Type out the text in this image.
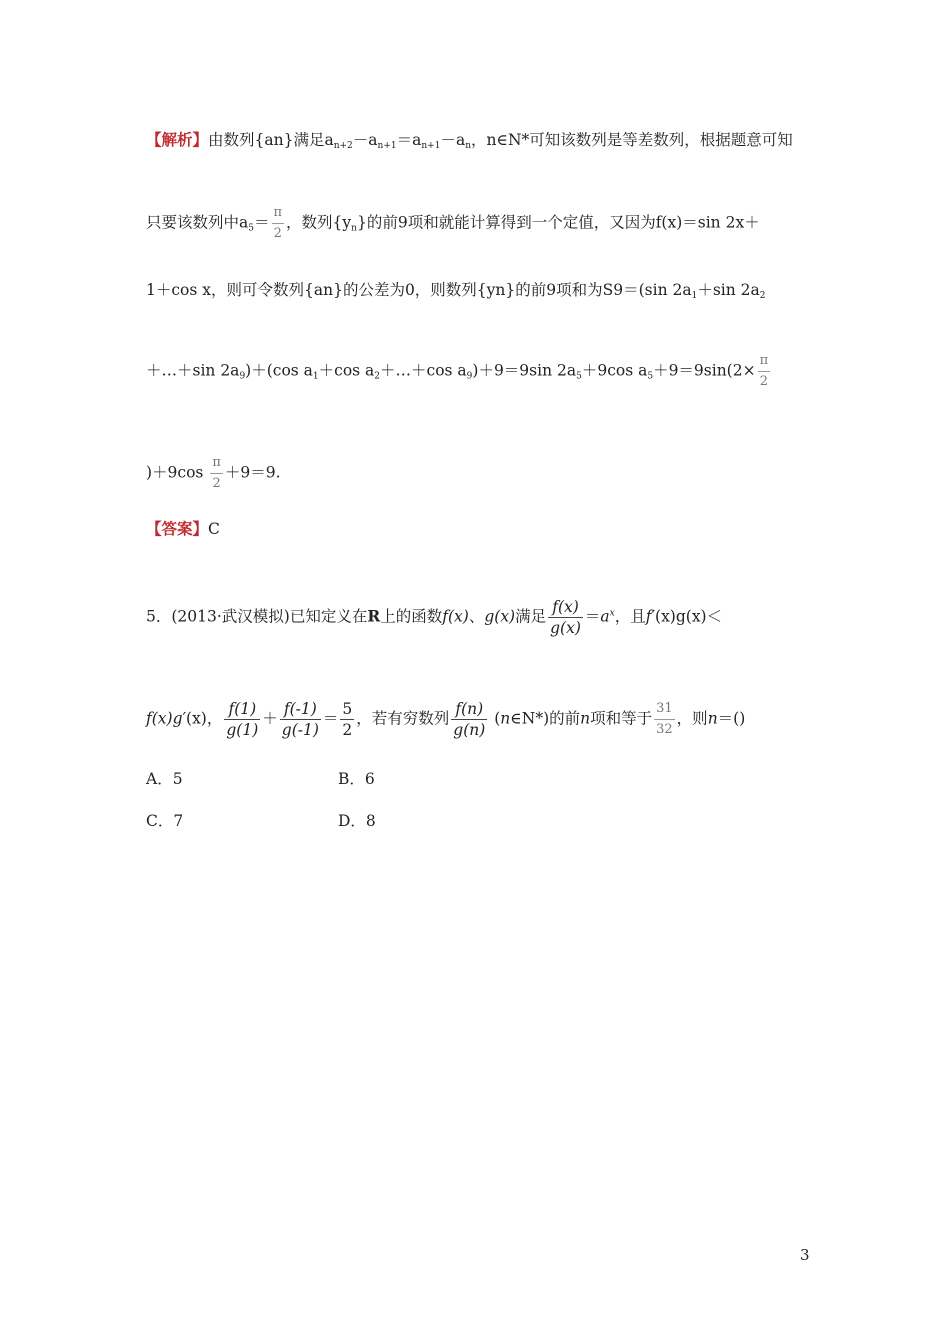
【解析】由数列{an}满足$a_{n+2}-a_{n+1}=a_{n+1}-a_n$，n∈N*可知该数列是等差数列，根据题意可知
只要该数列中$a_5= \frac{\pi}{2}$ ，数列$\{y_n\}$的前9项和就能计算得到一个定值，又因为f(x)＝sin 2x＋
1＋cos x，则可令数列{an}的公差为0，则数列{yn}的前9项和为S9＝(sin $2a_1+\sin$ $2a_2$
＋…＋sin $2a_9)+(\cos$ $a_1+\cos$ $a_2+\dots+\cos$ $a_9)+9=9\sin$ $2a_5+9\cos$ $a_5+9=9\sin(2\times \frac{\pi}{2}$
)$+9\cos \frac{\pi}{2} +9=9$.
【答案】C
5．(2013·武汉模拟)已知定义在R上的函数f(x)、g(x)满足 $\frac{f(x)}{g(x)} =a^x$，且f′(x)g(x)＜
f(x)g′(x)， $\frac{f(1)}{g(1)} + \frac{f(-1)}{g(-1)} = \frac{5}{2}$ ，若有穷数列 $\frac{f(n)}{g(n)}$ (n∈N*)的前n项和等于 $\frac{31}{32}$ ，则n＝()
A．5	B．6
C．7	D．8
3
